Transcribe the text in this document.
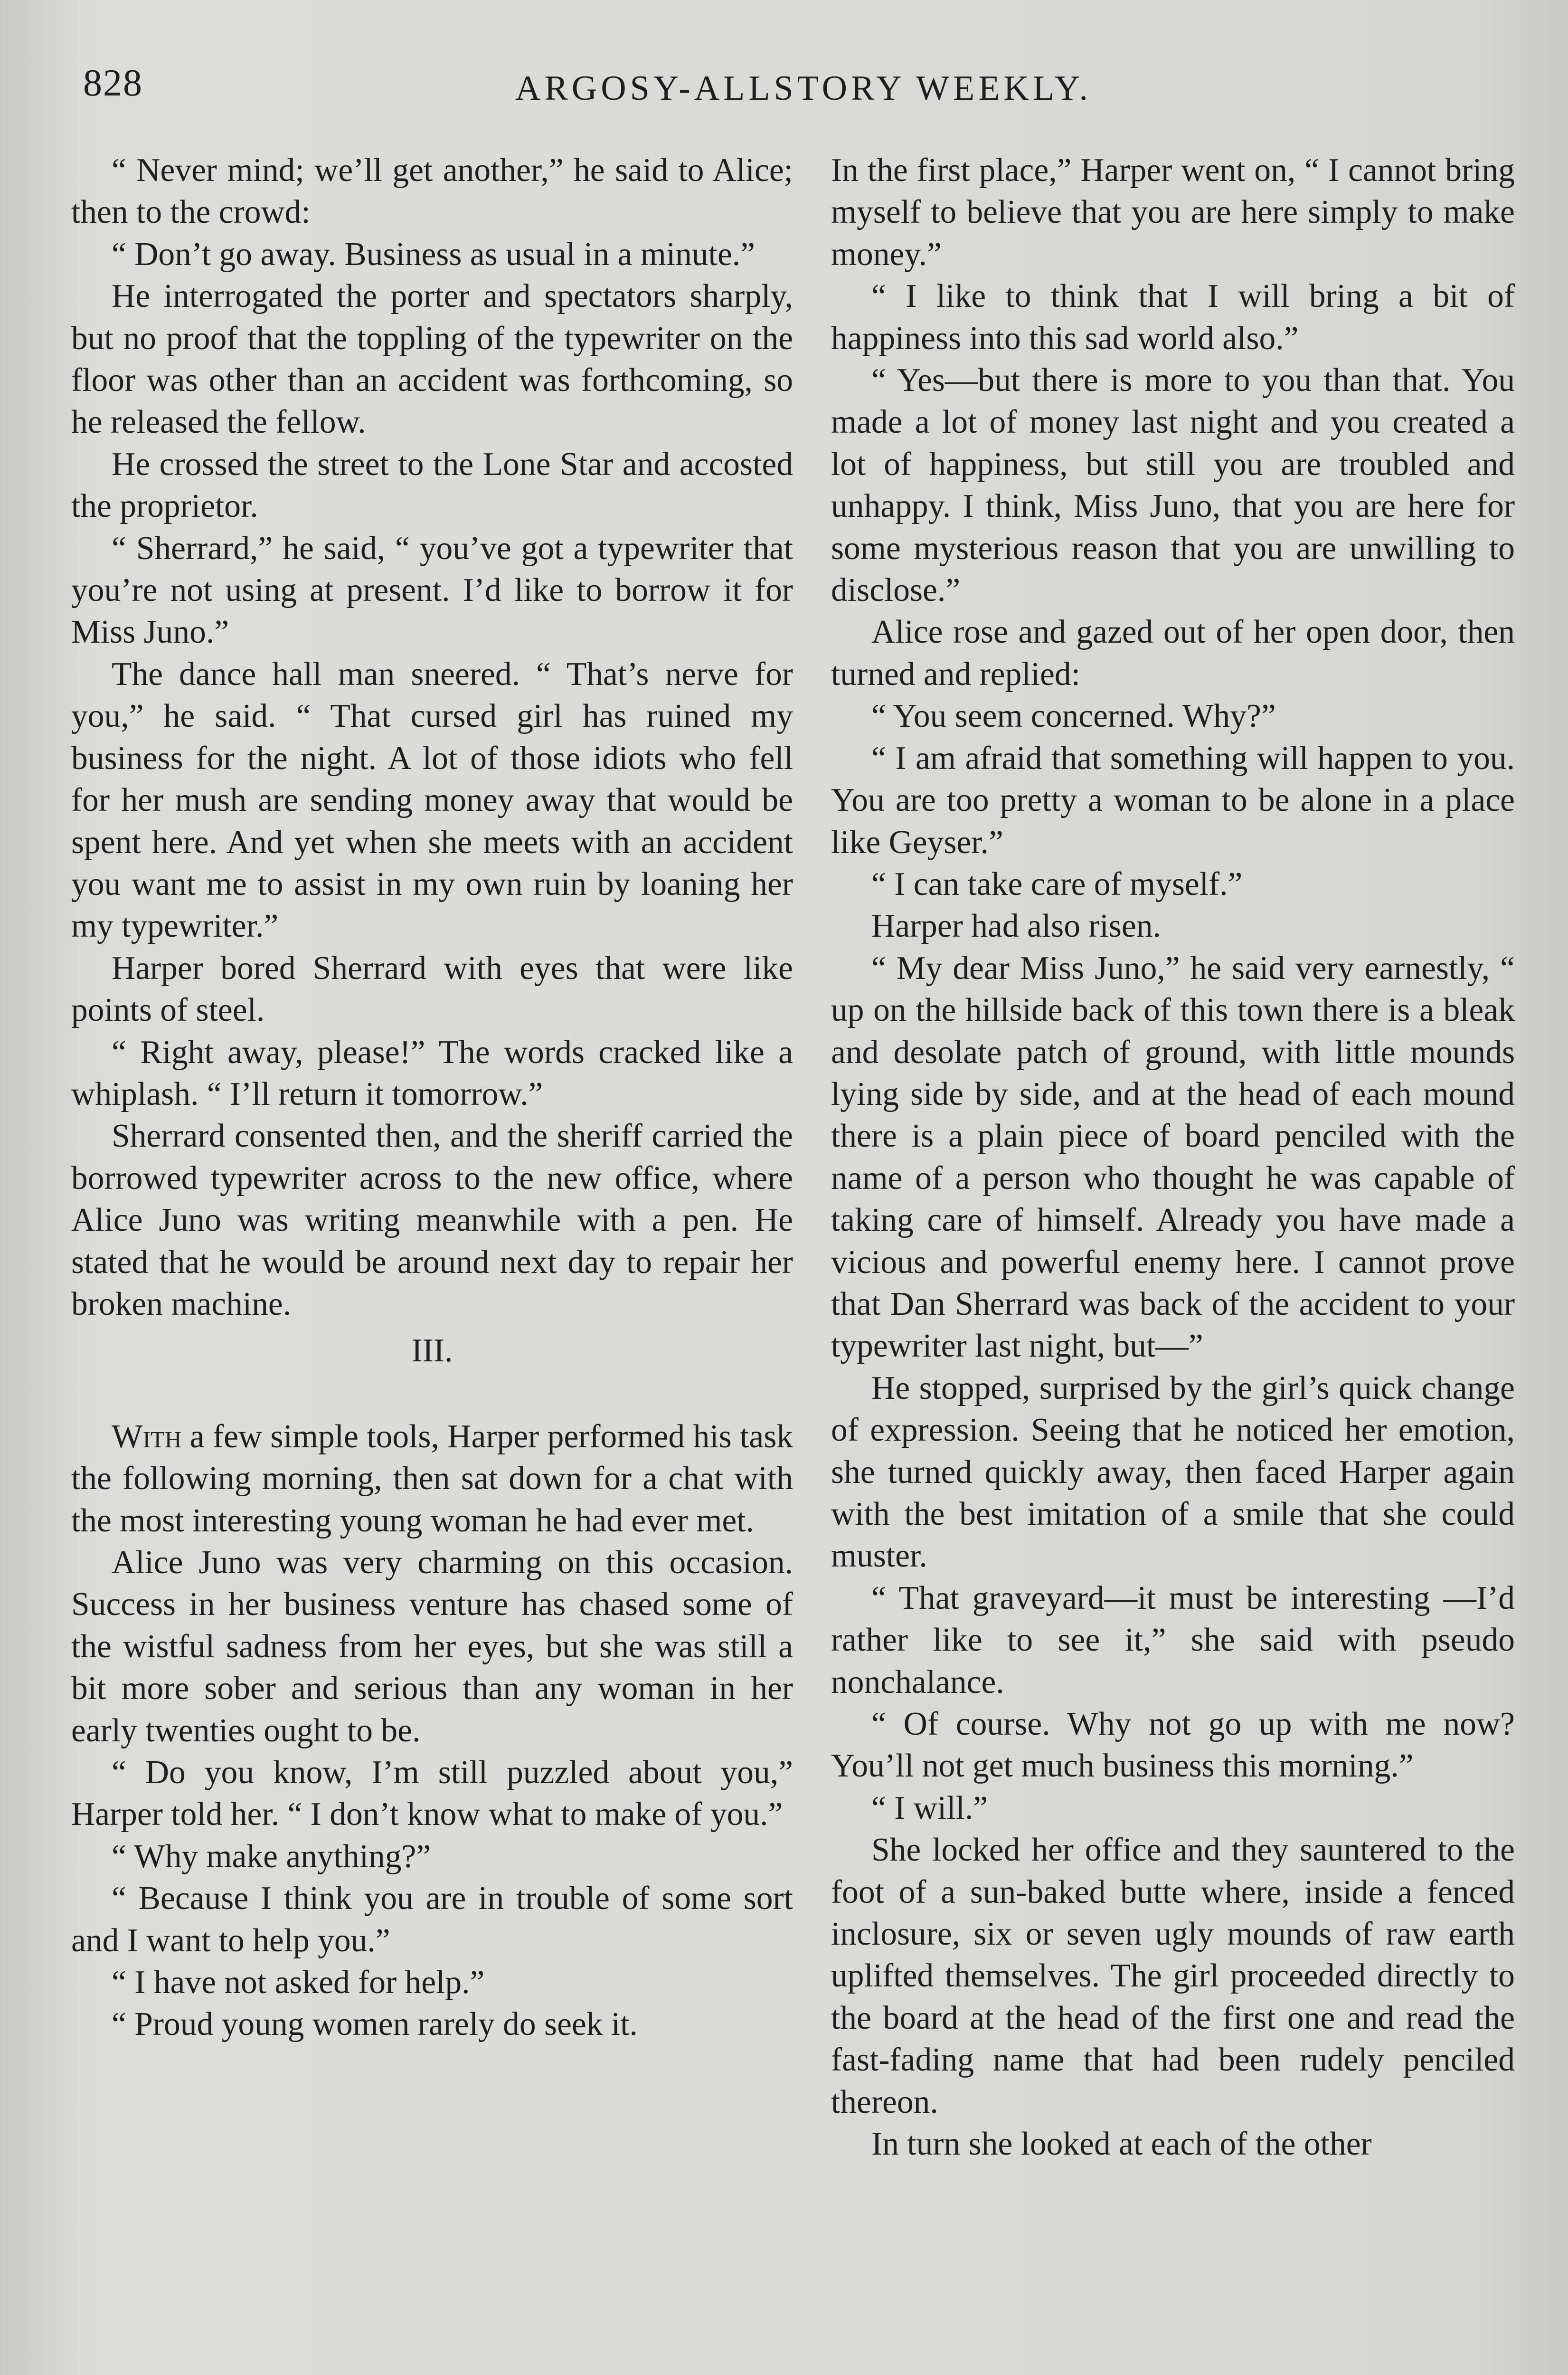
828	ARGOSY-ALLSTORY WEEKLY.

“ Never mind; we’ll get another,” he said to Alice; then to the crowd:

“ Don’t go away. Business as usual in a minute.”

He interrogated the porter and spectators sharply, but no proof that the toppling of the typewriter on the floor was other than an accident was forthcoming, so he released the fellow.

He crossed the street to the Lone Star and accosted the proprietor.

“ Sherrard,” he said, “ you’ve got a typewriter that you’re not using at present. I’d like to borrow it for Miss Juno.”

The dance hall man sneered. “ That’s nerve for you,” he said. “ That cursed girl has ruined my business for the night. A lot of those idiots who fell for her mush are sending money away that would be spent here. And yet when she meets with an accident you want me to assist in my own ruin by loaning her my typewriter.”

Harper bored Sherrard with eyes that were like points of steel.

“ Right away, please!” The words cracked like a whiplash. “ I’ll return it tomorrow.”

Sherrard consented then, and the sheriff carried the borrowed typewriter across to the new office, where Alice Juno was writing meanwhile with a pen. He stated that he would be around next day to repair her broken machine.

III.

With a few simple tools, Harper performed his task the following morning, then sat down for a chat with the most interesting young woman he had ever met.

Alice Juno was very charming on this occasion. Success in her business venture has chased some of the wistful sadness from her eyes, but she was still a bit more sober and serious than any woman in her early twenties ought to be.

“ Do you know, I’m still puzzled about you,” Harper told her. “ I don’t know what to make of you.”

“ Why make anything?”

“ Because I think you are in trouble of some sort and I want to help you.”

“ I have not asked for help.”

“ Proud young women rarely do seek it.

In the first place,” Harper went on, “ I cannot bring myself to believe that you are here simply to make money.”

“ I like to think that I will bring a bit of happiness into this sad world also.”

“ Yes—but there is more to you than that. You made a lot of money last night and you created a lot of happiness, but still you are troubled and unhappy. I think, Miss Juno, that you are here for some mysterious reason that you are unwilling to disclose.”

Alice rose and gazed out of her open door, then turned and replied:

“ You seem concerned. Why?”

“ I am afraid that something will happen to you. You are too pretty a woman to be alone in a place like Geyser.”

“ I can take care of myself.”

Harper had also risen.

“ My dear Miss Juno,” he said very earnestly, “ up on the hillside back of this town there is a bleak and desolate patch of ground, with little mounds lying side by side, and at the head of each mound there is a plain piece of board penciled with the name of a person who thought he was capable of taking care of himself. Already you have made a vicious and powerful enemy here. I cannot prove that Dan Sherrard was back of the accident to your typewriter last night, but—”

He stopped, surprised by the girl’s quick change of expression. Seeing that he noticed her emotion, she turned quickly away, then faced Harper again with the best imitation of a smile that she could muster.

“ That graveyard—it must be interesting —I’d rather like to see it,” she said with pseudo nonchalance.

“ Of course. Why not go up with me now? You’ll not get much business this morning.”

“ I will.”

She locked her office and they sauntered to the foot of a sun-baked butte where, inside a fenced inclosure, six or seven ugly mounds of raw earth uplifted themselves. The girl proceeded directly to the board at the head of the first one and read the fast-fading name that had been rudely penciled thereon.

In turn she looked at each of the other
